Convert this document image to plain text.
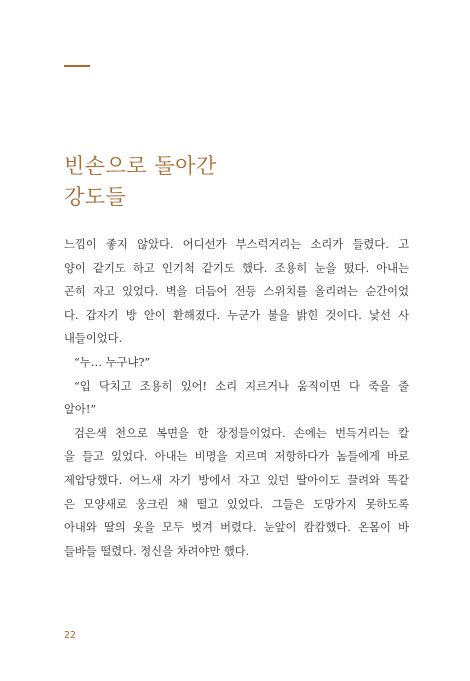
빈손으로 돌아간
강도들
느낌이 좋지 않았다. 어디선가 부스럭거리는 소리가 들렸다. 고
양이 같기도 하고 인기척 같기도 했다. 조용히 눈을 떴다. 아내는
곤히 자고 있었다. 벽을 더듬어 전등 스위치를 올리려는 순간이었
다. 갑자기 방 안이 환해졌다. 누군가 불을 밝힌 것이다. 낯선 사
내들이었다.
“누… 누구냐?”
“입 닥치고 조용히 있어! 소리 지르거나 움직이면 다 죽을 줄
알아!”
검은색 천으로 복면을 한 장정들이었다. 손에는 번득거리는 칼
을 들고 있었다. 아내는 비명을 지르며 저항하다가 놈들에게 바로
제압당했다. 어느새 자기 방에서 자고 있던 딸아이도 끌려와 똑같
은 모양새로 웅크린 채 떨고 있었다. 그들은 도망가지 못하도록
아내와 딸의 옷을 모두 벗겨 버렸다. 눈앞이 캄캄했다. 온몸이 바
들바들 떨렸다. 정신을 차려야만 했다.
22
